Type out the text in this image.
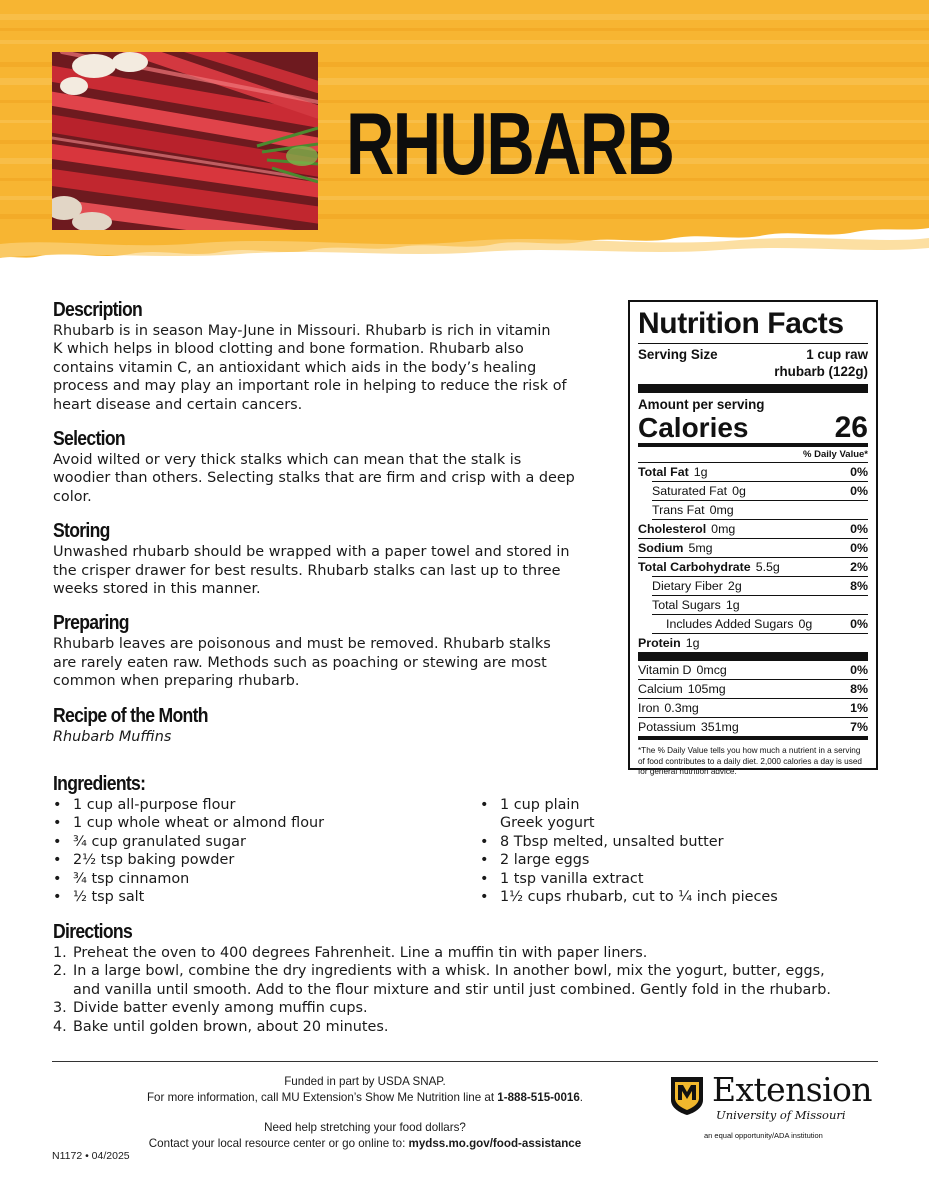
RHUBARB
Description
Rhubarb is in season May-June in Missouri. Rhubarb is rich in vitamin
K which helps in blood clotting and bone formation. Rhubarb also
contains vitamin C, an antioxidant which aids in the body’s healing
process and may play an important role in helping to reduce the risk of
heart disease and certain cancers.
Selection
Avoid wilted or very thick stalks which can mean that the stalk is
woodier than others. Selecting stalks that are firm and crisp with a deep
color.
Storing
Unwashed rhubarb should be wrapped with a paper towel and stored in
the crisper drawer for best results. Rhubarb stalks can last up to three
weeks stored in this manner.
Preparing
Rhubarb leaves are poisonous and must be removed. Rhubarb stalks
are rarely eaten raw. Methods such as poaching or stewing are most
common when preparing rhubarb.
Recipe of the Month
Rhubarb Muffins
Nutrition Facts
Serving Size	1 cup raw
rhubarb (122g)
Amount per serving
Calories	26
% Daily Value*
Total Fat 1g	0%
Saturated Fat 0g	0%
Trans Fat 0mg
Cholesterol 0mg	0%
Sodium 5mg	0%
Total Carbohydrate 5.5g	2%
Dietary Fiber 2g	8%
Total Sugars 1g
Includes Added Sugars 0g	0%
Protein 1g
Vitamin D 0mcg	0%
Calcium 105mg	8%
Iron 0.3mg	1%
Potassium 351mg	7%
*The % Daily Value tells you how much a nutrient in a serving of food contributes to a daily diet. 2,000 calories a day is used for general nutrition advice.
Ingredients:
• 1 cup all-purpose flour
• 1 cup whole wheat or almond flour
• ¾ cup granulated sugar
• 2½ tsp baking powder
• ¾ tsp cinnamon
• ½ tsp salt
• 1 cup plain
Greek yogurt
• 8 Tbsp melted, unsalted butter
• 2 large eggs
• 1 tsp vanilla extract
• 1½ cups rhubarb, cut to ¼ inch pieces
Directions
1. Preheat the oven to 400 degrees Fahrenheit. Line a muffin tin with paper liners.
2. In a large bowl, combine the dry ingredients with a whisk. In another bowl, mix the yogurt, butter, eggs,
and vanilla until smooth. Add to the flour mixture and stir until just combined. Gently fold in the rhubarb.
3. Divide batter evenly among muffin cups.
4. Bake until golden brown, about 20 minutes.
Funded in part by USDA SNAP.
For more information, call MU Extension’s Show Me Nutrition line at 1-888-515-0016.
Need help stretching your food dollars?
Contact your local resource center or go online to: mydss.mo.gov/food-assistance
N1172 • 04/2025
Extension
University of Missouri
an equal opportunity/ADA institution
